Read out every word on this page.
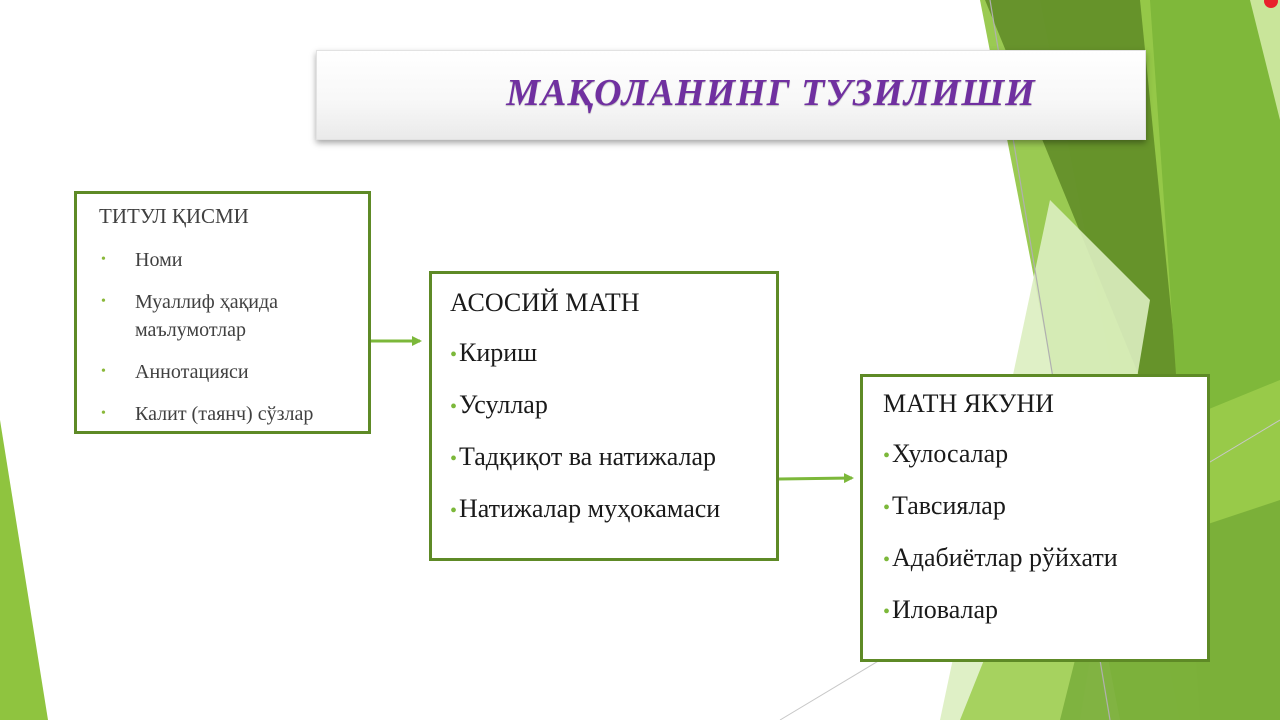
МАҚОЛАНИНГ ТУЗИЛИШИ
ТИТУЛ ҚИСМИ
• Номи
• Муаллиф ҳақида маълумотлар
• Аннотацияси
• Калит (таянч) сўзлар
АСОСИЙ МАТН
•Кириш
•Усуллар
•Тадқиқот ва натижалар
•Натижалар муҳокамаси
МАТН ЯКУНИ
•Хулосалар
•Тавсиялар
•Адабиётлар рўйхати
•Иловалар
